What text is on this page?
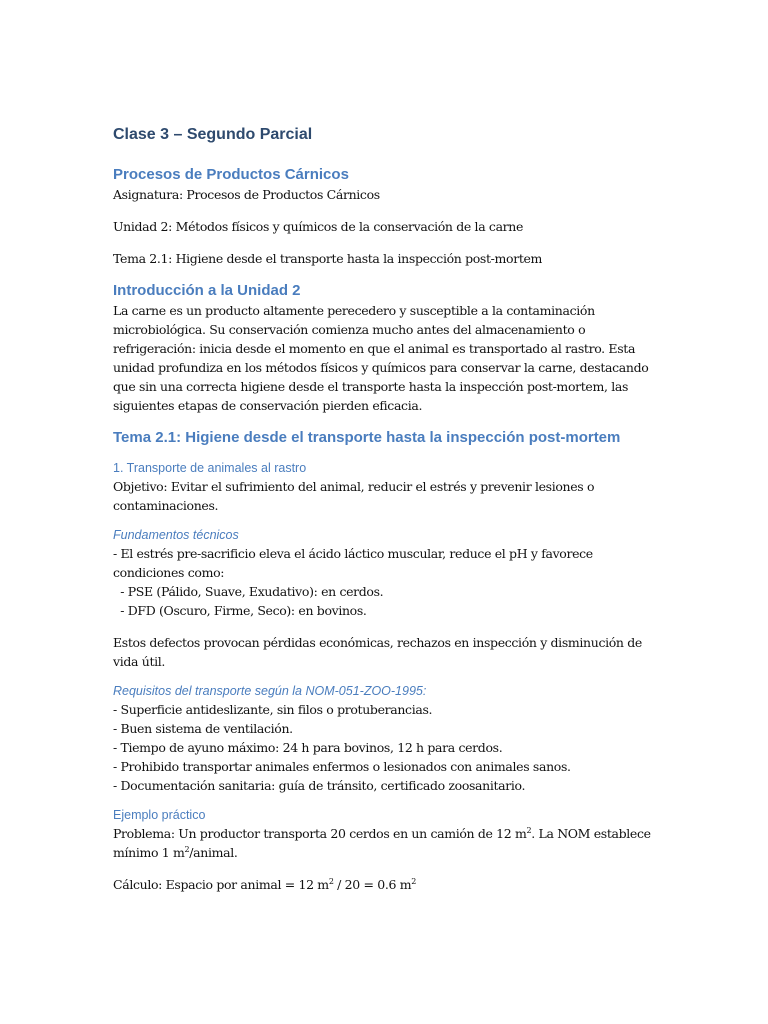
Clase 3 – Segundo Parcial
Procesos de Productos Cárnicos
Asignatura: Procesos de Productos Cárnicos
Unidad 2: Métodos físicos y químicos de la conservación de la carne
Tema 2.1: Higiene desde el transporte hasta la inspección post-mortem
Introducción a la Unidad 2
La carne es un producto altamente perecedero y susceptible a la contaminación microbiológica. Su conservación comienza mucho antes del almacenamiento o refrigeración: inicia desde el momento en que el animal es transportado al rastro. Esta unidad profundiza en los métodos físicos y químicos para conservar la carne, destacando que sin una correcta higiene desde el transporte hasta la inspección post-mortem, las siguientes etapas de conservación pierden eficacia.
Tema 2.1: Higiene desde el transporte hasta la inspección post-mortem
1. Transporte de animales al rastro
Objetivo: Evitar el sufrimiento del animal, reducir el estrés y prevenir lesiones o contaminaciones.
Fundamentos técnicos
- El estrés pre-sacrificio eleva el ácido láctico muscular, reduce el pH y favorece condiciones como:
- PSE (Pálido, Suave, Exudativo): en cerdos.
- DFD (Oscuro, Firme, Seco): en bovinos.
Estos defectos provocan pérdidas económicas, rechazos en inspección y disminución de vida útil.
Requisitos del transporte según la NOM-051-ZOO-1995:
- Superficie antideslizante, sin filos o protuberancias.
- Buen sistema de ventilación.
- Tiempo de ayuno máximo: 24 h para bovinos, 12 h para cerdos.
- Prohibido transportar animales enfermos o lesionados con animales sanos.
- Documentación sanitaria: guía de tránsito, certificado zoosanitario.
Ejemplo práctico
Problema: Un productor transporta 20 cerdos en un camión de 12 $m^2$. La NOM establece mínimo 1 $m^2$/animal.
Cálculo: Espacio por animal = 12 $m^2 / 20 = 0.6$ $m^2$
